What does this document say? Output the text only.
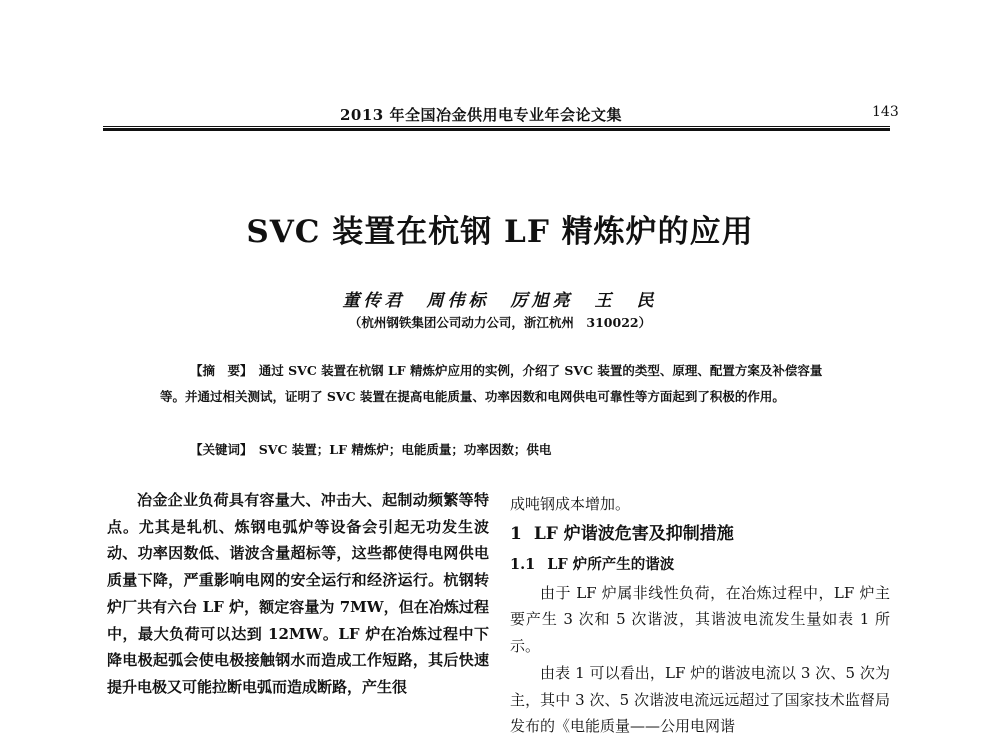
2013 年全国冶金供用电专业年会论文集	143
SVC 装置在杭钢 LF 精炼炉的应用
董传君　周伟标　厉旭亮　王　民
（杭州钢铁集团公司动力公司，浙江杭州　310022）

【摘　要】　 通过 SVC 装置在杭钢 LF 精炼炉应用的实例，介绍了 SVC 装置的类型、原理、配置方案及补偿容量等。并通过相关测试，证明了 SVC 装置在提高电能质量、功率因数和电网供电可靠性等方面起到了积极的作用。

【关键词】　 SVC 装置；LF 精炼炉；电能质量；功率因数；供电

冶金企业负荷具有容量大、冲击大、起制动频繁等特点。尤其是轧机、炼钢电弧炉等设备会引起无功发生波动、功率因数低、谐波含量超标等，这些都使得电网供电质量下降，严重影响电网的安全运行和经济运行。杭钢转炉厂共有六台 LF 炉，额定容量为 7MW，但在冶炼过程中，最大负荷可以达到 12MW。LF 炉在冶炼过程中下降电极起弧会使电极接触钢水而造成工作短路，其后快速提升电极又可能拉断电弧而造成断路，产生很

成吨钢成本增加。

1 LF 炉谐波危害及抑制措施

1.1 LF 炉所产生的谐波

由于 LF 炉属非线性负荷，在冶炼过程中，LF 炉主要产生 3 次和 5 次谐波，其谐波电流发生量如表 1 所示。

由表 1 可以看出，LF 炉的谐波电流以 3 次、5 次为主，其中 3 次、5 次谐波电流远远超过了国家技术监督局发布的《电能质量——公用电网谐
